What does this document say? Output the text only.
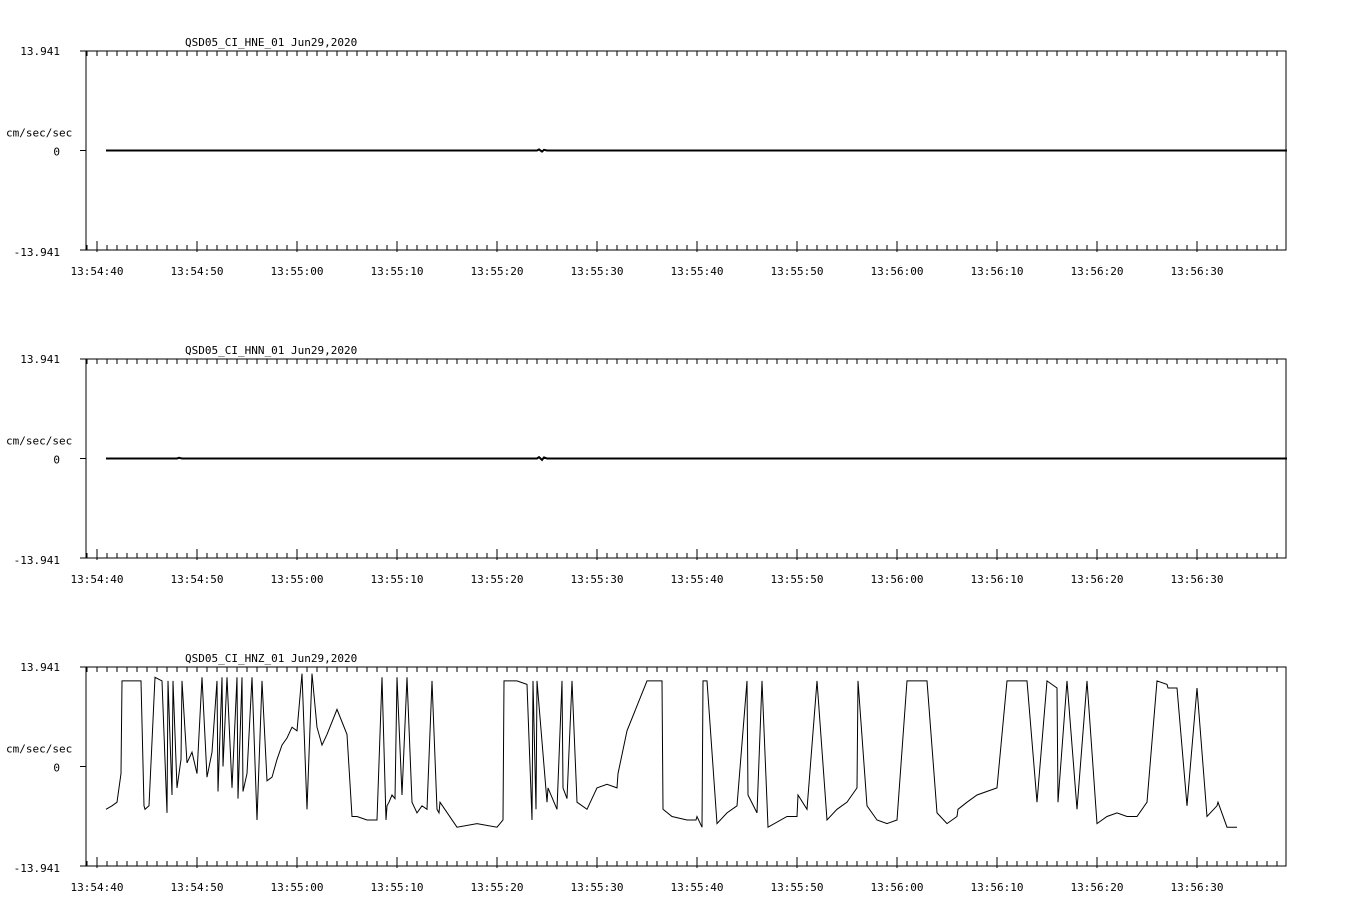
QSD05_CI_HNE_01 Jun29,2020
cm/sec/sec
13.941
0
-13.941
13:54:40	13:54:50	13:55:00	13:55:10	13:55:20	13:55:30	13:55:40	13:55:50	13:56:00	13:56:10	13:56:20	13:56:30
QSD05_CI_HNN_01 Jun29,2020
cm/sec/sec
13.941
0
-13.941
13:54:40	13:54:50	13:55:00	13:55:10	13:55:20	13:55:30	13:55:40	13:55:50	13:56:00	13:56:10	13:56:20	13:56:30
QSD05_CI_HNZ_01 Jun29,2020
cm/sec/sec
13.941
0
-13.941
13:54:40	13:54:50	13:55:00	13:55:10	13:55:20	13:55:30	13:55:40	13:55:50	13:56:00	13:56:10	13:56:20	13:56:30
